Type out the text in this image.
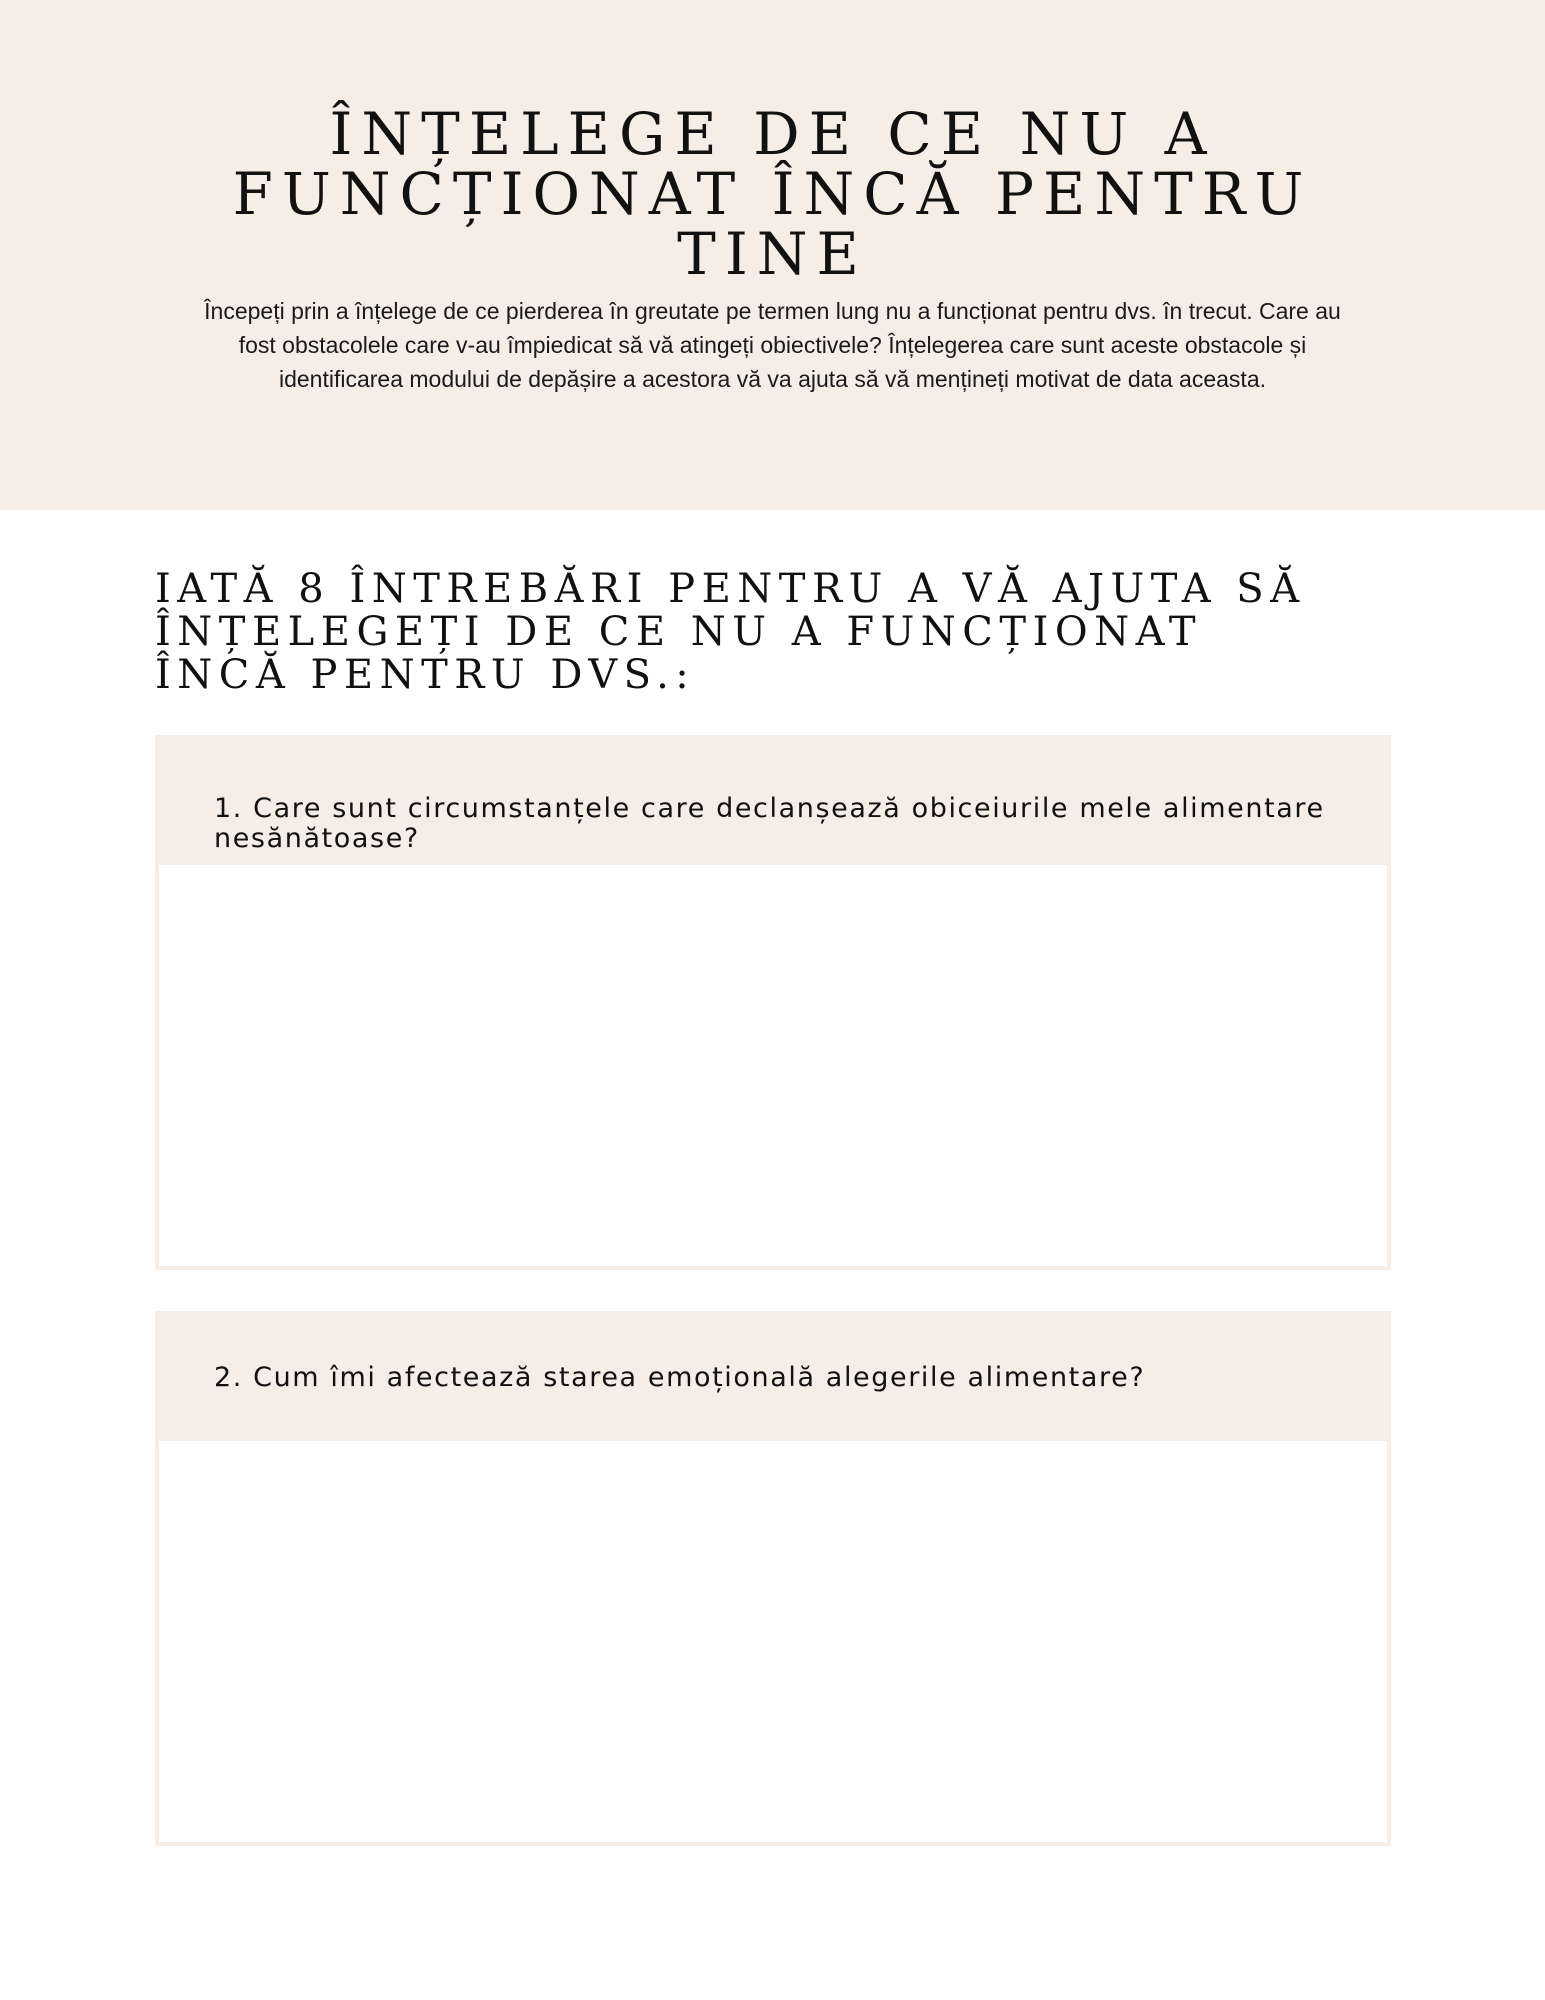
ÎNȚELEGE DE CE NU A FUNCȚIONAT ÎNCĂ PENTRU TINE

Începeți prin a înțelege de ce pierderea în greutate pe termen lung nu a funcționat pentru dvs. în trecut. Care au fost obstacolele care v-au împiedicat să vă atingeți obiectivele? Înțelegerea care sunt aceste obstacole și identificarea modului de depășire a acestora vă va ajuta să vă mențineți motivat de data aceasta.

IATĂ 8 ÎNTREBĂRI PENTRU A VĂ AJUTA SĂ ÎNȚELEGEȚI DE CE NU A FUNCȚIONAT ÎNCĂ PENTRU DVS.:

1. Care sunt circumstanțele care declanșează obiceiurile mele alimentare nesănătoase?

2. Cum îmi afectează starea emoțională alegerile alimentare?
